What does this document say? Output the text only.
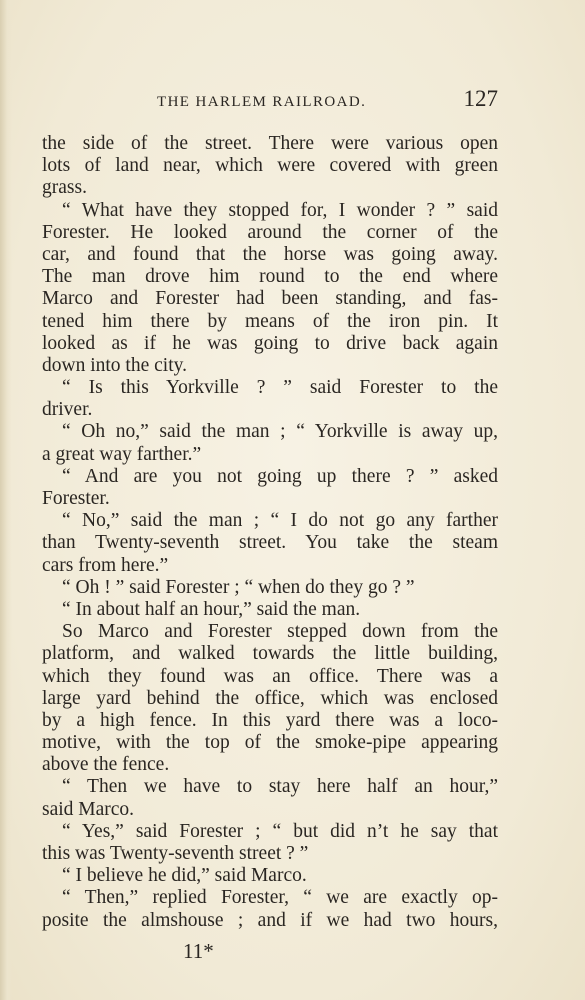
THE HARLEM RAILROAD.	127
the side of the street. There were various open
lots of land near, which were covered with green
grass.
“ What have they stopped for, I wonder ? ” said
Forester. He looked around the corner of the
car, and found that the horse was going away.
The man drove him round to the end where
Marco and Forester had been standing, and fas-
tened him there by means of the iron pin. It
looked as if he was going to drive back again
down into the city.
“ Is this Yorkville ? ” said Forester to the
driver.
“ Oh no,” said the man ; “ Yorkville is away up,
a great way farther.”
“ And are you not going up there ? ” asked
Forester.
“ No,” said the man ; “ I do not go any farther
than Twenty-seventh street. You take the steam
cars from here.”
“ Oh ! ” said Forester ; “ when do they go ? ”
“ In about half an hour,” said the man.
So Marco and Forester stepped down from the
platform, and walked towards the little building,
which they found was an office. There was a
large yard behind the office, which was enclosed
by a high fence. In this yard there was a loco-
motive, with the top of the smoke-pipe appearing
above the fence.
“ Then we have to stay here half an hour,”
said Marco.
“ Yes,” said Forester ; “ but did n’t he say that
this was Twenty-seventh street ? ”
“ I believe he did,” said Marco.
“ Then,” replied Forester, “ we are exactly op-
posite the almshouse ; and if we had two hours,
11*
